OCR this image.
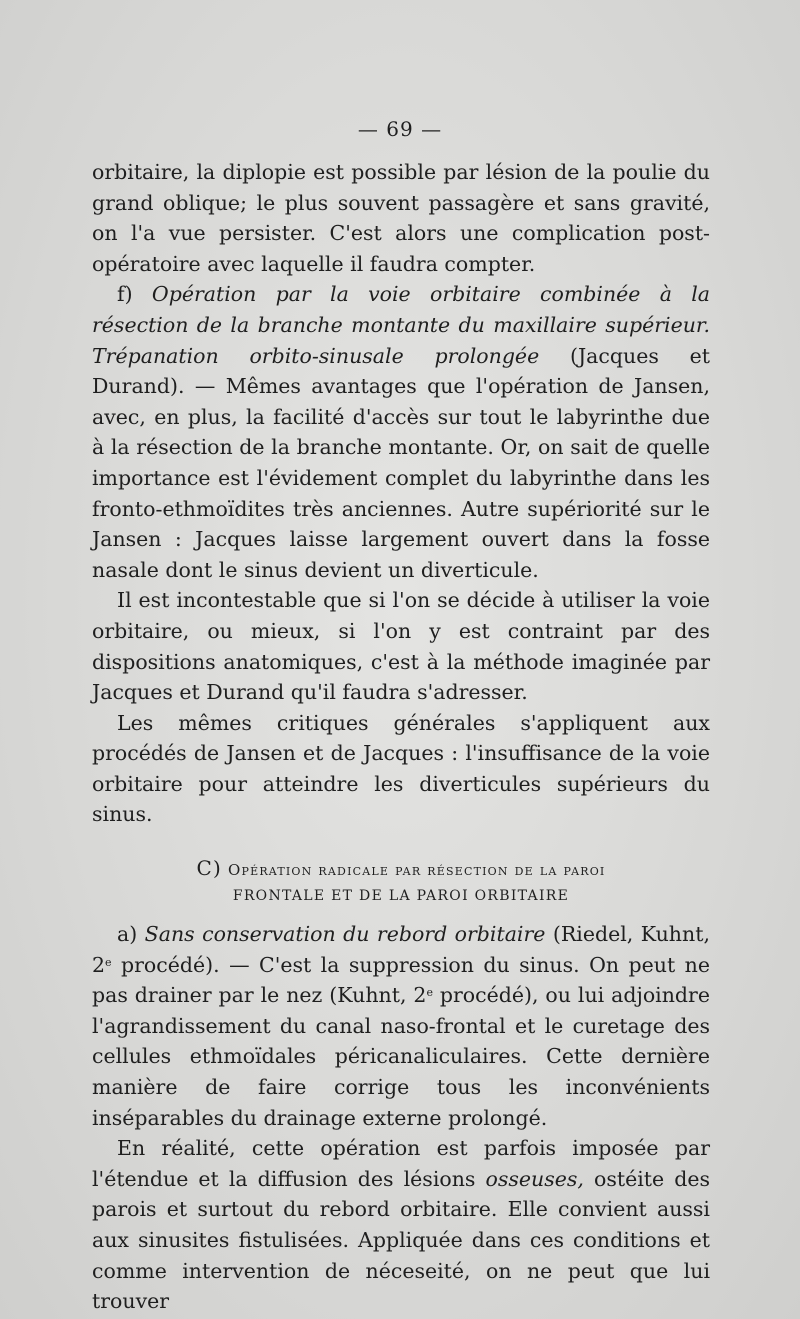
— 69 —

orbitaire, la diplopie est possible par lésion de la poulie du grand oblique; le plus souvent passagère et sans gravité, on l'a vue persister. C'est alors une complication post-opératoire avec laquelle il faudra compter.

f) Opération par la voie orbitaire combinée à la résection de la branche montante du maxillaire supérieur. Trépanation orbito-sinusale prolongée (Jacques et Durand). — Mêmes avantages que l'opération de Jansen, avec, en plus, la facilité d'accès sur tout le labyrinthe due à la résection de la branche montante. Or, on sait de quelle importance est l'évidement complet du labyrinthe dans les fronto-ethmoïdites très anciennes. Autre supériorité sur le Jansen : Jacques laisse largement ouvert dans la fosse nasale dont le sinus devient un diverticule.

Il est incontestable que si l'on se décide à utiliser la voie orbitaire, ou mieux, si l'on y est contraint par des dispositions anatomiques, c'est à la méthode imaginée par Jacques et Durand qu'il faudra s'adresser.

Les mêmes critiques générales s'appliquent aux procédés de Jansen et de Jacques : l'insuffisance de la voie orbitaire pour atteindre les diverticules supérieurs du sinus.

C) Opération radicale par résection de la paroi
FRONTALE ET DE LA PAROI ORBITAIRE

a) Sans conservation du rebord orbitaire (Riedel, Kuhnt, 2e procédé). — C'est la suppression du sinus. On peut ne pas drainer par le nez (Kuhnt, 2e procédé), ou lui adjoindre l'agrandissement du canal naso-frontal et le curetage des cellules ethmoïdales péricanaliculaires. Cette dernière manière de faire corrige tous les inconvénients inséparables du drainage externe prolongé.

En réalité, cette opération est parfois imposée par l'étendue et la diffusion des lésions osseuses, ostéite des parois et surtout du rebord orbitaire. Elle convient aussi aux sinusites fistulisées. Appliquée dans ces conditions et comme intervention de néceseité, on ne peut que lui trouver
